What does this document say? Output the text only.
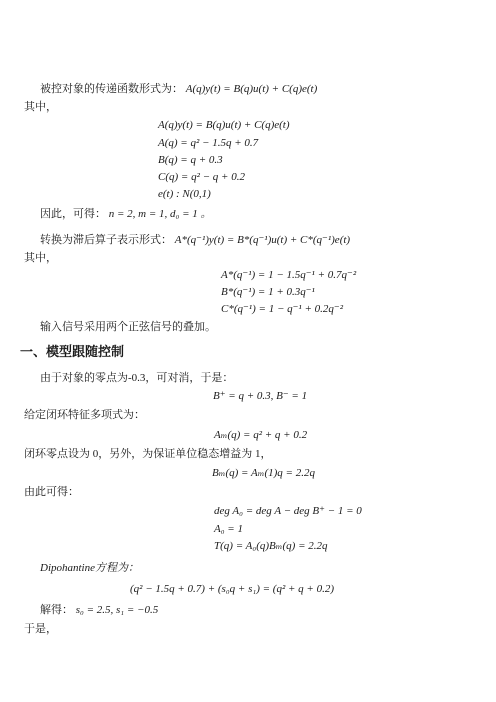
被控对象的传递函数形式为： A(q)y(t) = B(q)u(t) + C(q)e(t)
其中，
A(q)y(t) = B(q)u(t) + C(q)e(t)
A(q) = q² − 1.5q + 0.7
B(q) = q + 0.3
C(q) = q² − q + 0.2
e(t) : N(0,1)
因此，可得： n = 2, m = 1, d₀ = 1 。
转换为滞后算子表示形式： A*(q⁻¹)y(t) = B*(q⁻¹)u(t) + C*(q⁻¹)e(t)
其中，
A*(q⁻¹) = 1 − 1.5q⁻¹ + 0.7q⁻²
B*(q⁻¹) = 1 + 0.3q⁻¹
C*(q⁻¹) = 1 − q⁻¹ + 0.2q⁻²
输入信号采用两个正弦信号的叠加。
一、模型跟随控制
由于对象的零点为-0.3，可对消，于是：
B⁺ = q + 0.3, B⁻ = 1
给定闭环特征多项式为：
Aₘ(q) = q² + q + 0.2
闭环零点设为 0，另外，为保证单位稳态增益为 1，
Bₘ(q) = Aₘ(1)q = 2.2q
由此可得：
deg A₀ = deg A − deg B⁺ − 1 = 0
A₀ = 1
T(q) = A₀(q)Bₘ(q) = 2.2q
Dipohantine方程为：
(q² − 1.5q + 0.7) + (s₀q + s₁) = (q² + q + 0.2)
解得： s₀ = 2.5, s₁ = −0.5
于是，
